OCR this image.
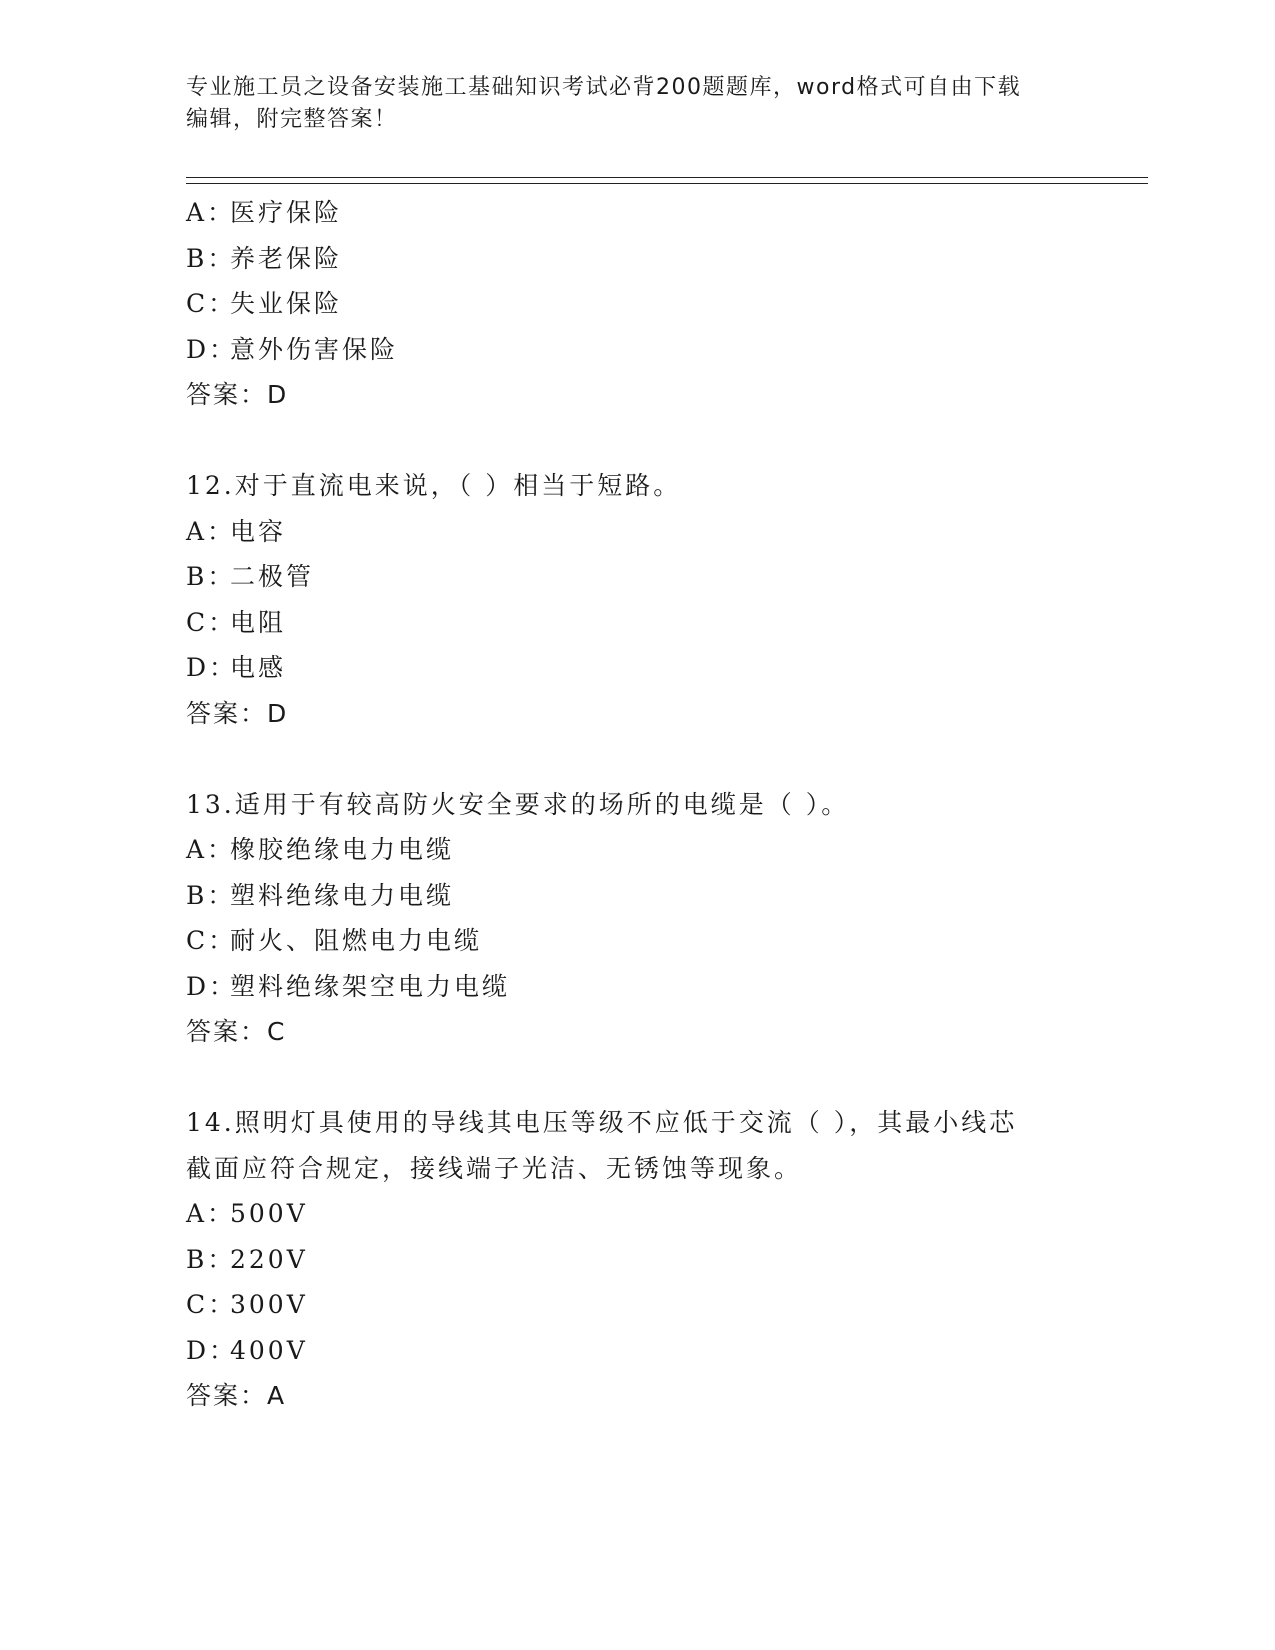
专业施工员之设备安装施工基础知识考试必背200题题库，word格式可自由下载
编辑，附完整答案！
A：医疗保险
B：养老保险
C：失业保险
D：意外伤害保险
答案：D
12.对于直流电来说，（ ）相当于短路。
A：电容
B：二极管
C：电阻
D：电感
答案：D
13.适用于有较高防火安全要求的场所的电缆是（ ）。
A：橡胶绝缘电力电缆
B：塑料绝缘电力电缆
C：耐火、阻燃电力电缆
D：塑料绝缘架空电力电缆
答案：C
14.照明灯具使用的导线其电压等级不应低于交流（ ），其最小线芯
截面应符合规定，接线端子光洁、无锈蚀等现象。
A：500V
B：220V
C：300V
D：400V
答案：A
